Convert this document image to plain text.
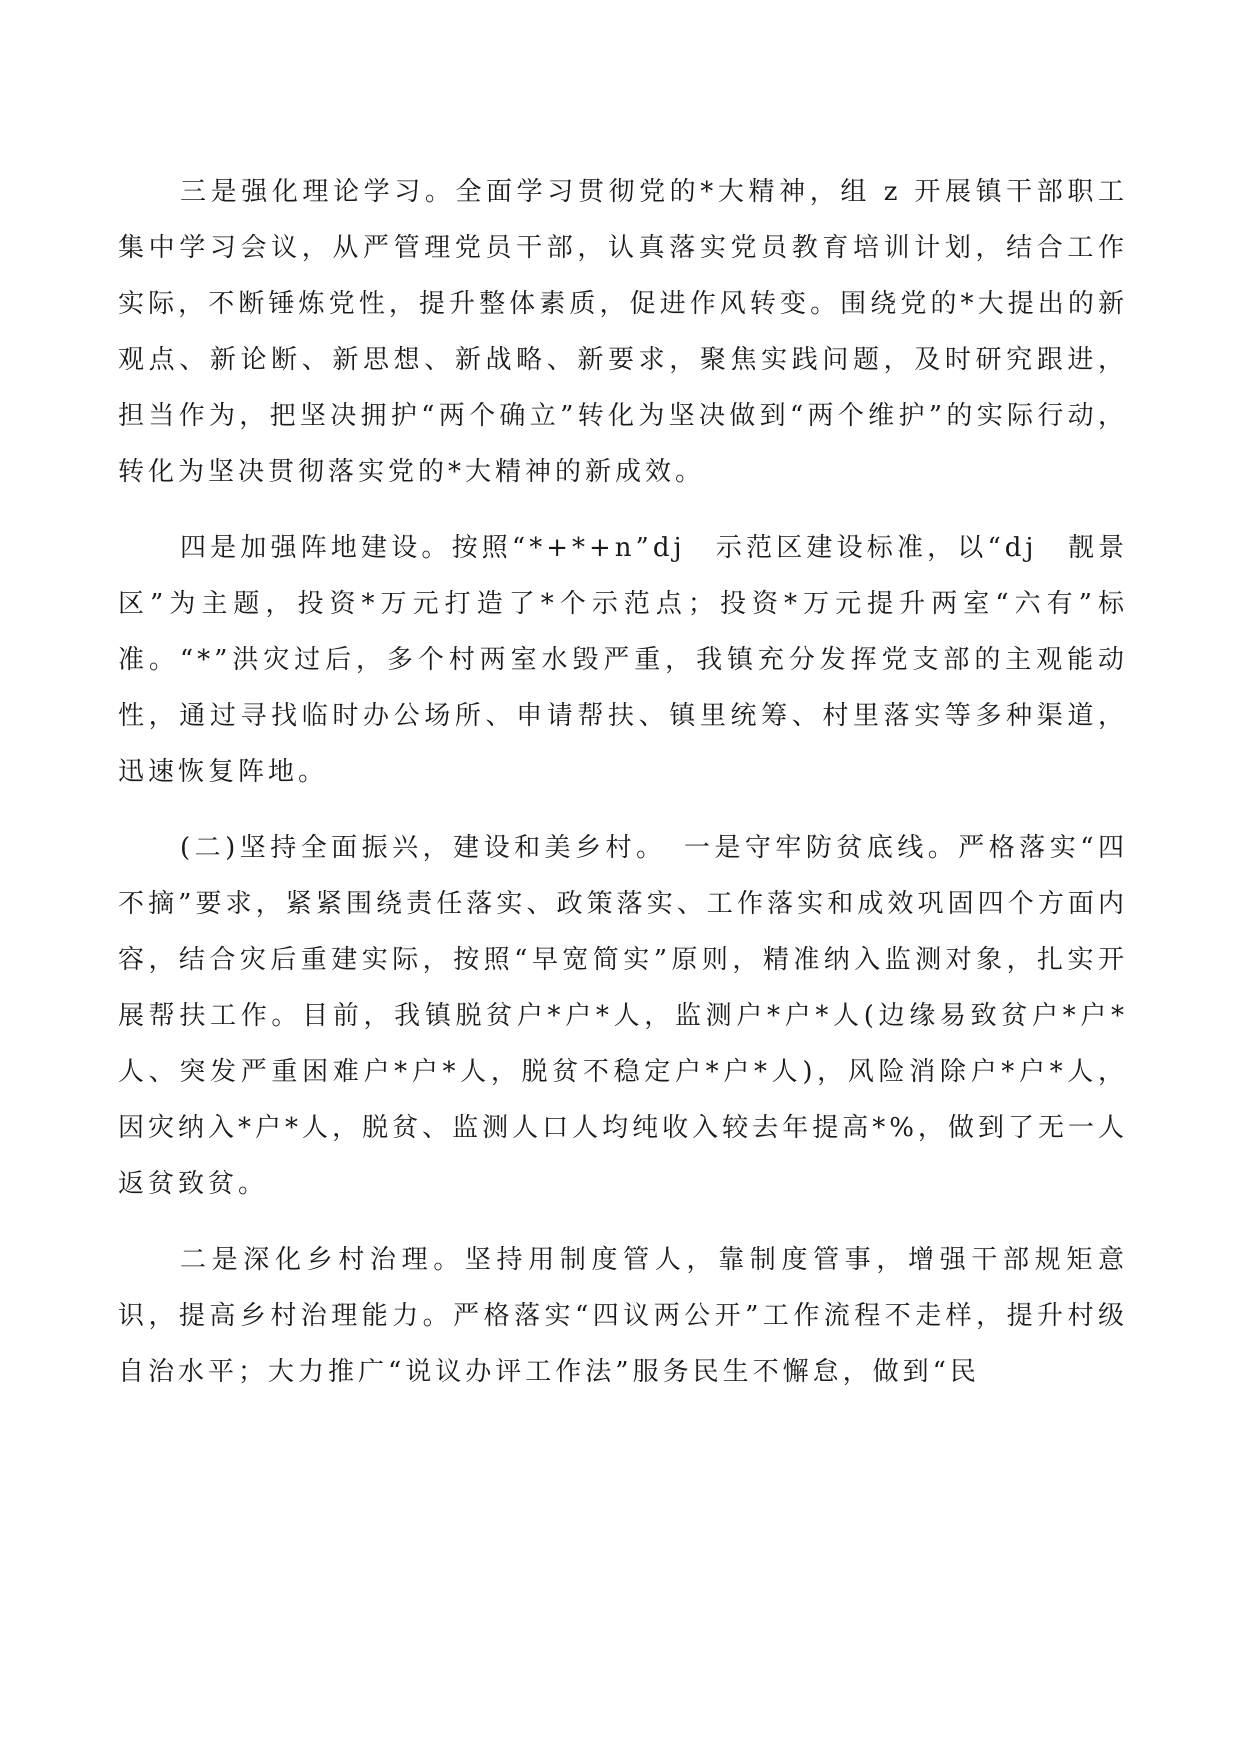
三是强化理论学习。全面学习贯彻党的*大精神，组 z 开展镇干部职工集中学习会议，从严管理党员干部，认真落实党员教育培训计划，结合工作实际，不断锤炼党性，提升整体素质，促进作风转变。围绕党的*大提出的新观点、新论断、新思想、新战略、新要求，聚焦实践问题，及时研究跟进，担当作为，把坚决拥护“两个确立”转化为坚决做到“两个维护”的实际行动，转化为坚决贯彻落实党的*大精神的新成效。

四是加强阵地建设。按照“*+*+n”dj　示范区建设标准，以“dj　靓景区”为主题，投资*万元打造了*个示范点；投资*万元提升两室“六有”标准。“*”洪灾过后，多个村两室水毁严重，我镇充分发挥党支部的主观能动性，通过寻找临时办公场所、申请帮扶、镇里统筹、村里落实等多种渠道，迅速恢复阵地。

(二)坚持全面振兴，建设和美乡村。　一是守牢防贫底线。严格落实“四不摘”要求，紧紧围绕责任落实、政策落实、工作落实和成效巩固四个方面内容，结合灾后重建实际，按照“早宽简实”原则，精准纳入监测对象，扎实开展帮扶工作。目前，我镇脱贫户*户*人，监测户*户*人(边缘易致贫户*户*人、突发严重困难户*户*人，脱贫不稳定户*户*人)，风险消除户*户*人，因灾纳入*户*人，脱贫、监测人口人均纯收入较去年提高*%，做到了无一人返贫致贫。

二是深化乡村治理。坚持用制度管人，靠制度管事，增强干部规矩意识，提高乡村治理能力。严格落实“四议两公开”工作流程不走样，提升村级自治水平；大力推广“说议办评工作法”服务民生不懈怠，做到“民
